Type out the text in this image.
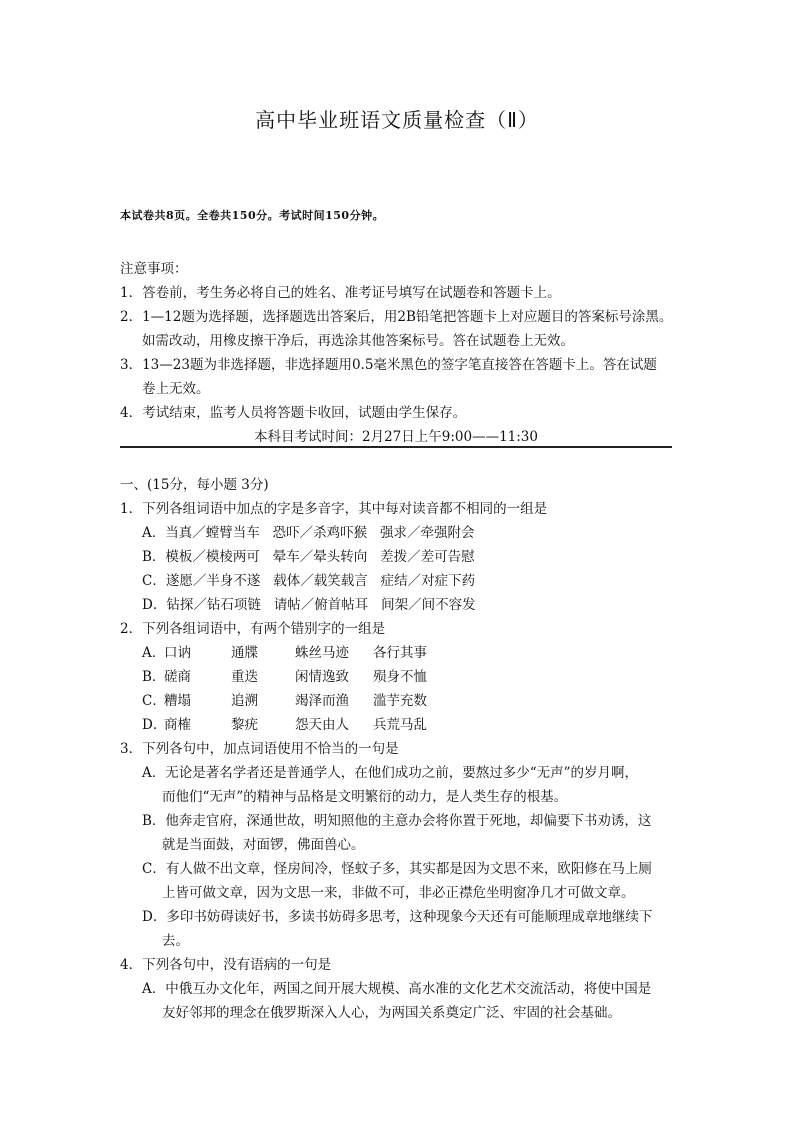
高中毕业班语文质量检查（Ⅱ）
本试卷共8页。全卷共150分。考试时间150分钟。
注意事项：
1．答卷前，考生务必将自己的姓名、准考证号填写在试题卷和答题卡上。
2．1—12题为选择题，选择题选出答案后，用2B铅笔把答题卡上对应题目的答案标号涂黑。
如需改动，用橡皮擦干净后，再选涂其他答案标号。答在试题卷上无效。
3．13—23题为非选择题，非选择题用0.5毫米黑色的签字笔直接答在答题卡上。答在试题
卷上无效。
4．考试结束，监考人员将答题卡收回，试题由学生保存。
本科目考试时间：2月27日上午9:00——11:30
一、(15分，每小题 3分)
1．下列各组词语中加点的字是多音字，其中每对读音都不相同的一组是
A．当真／螳臂当车   恐吓／杀鸡吓猴   强求／牵强附会
B．模板／模棱两可   晕车／晕头转向   差拨／差可告慰
C．遂愿／半身不遂   载体／载笑载言   症结／对症下药
D．钻探／钻石项链   请帖／俯首帖耳   间架／间不容发
2．下列各组词语中，有两个错别字的一组是
A．
口讷	通牒	蛛丝马迹	各行其事
B．
磋商	重迭	闲情逸致	殒身不恤
C．
糟塌	追溯	竭泽而渔	滥芋充数
D．
商榷	黎疣	怨天由人	兵荒马乱
3．下列各句中，加点词语使用不恰当的一句是
A．无论是著名学者还是普通学人，在他们成功之前，要熬过多少“无声”的岁月啊，
而他们“无声”的精神与品格是文明繁衍的动力，是人类生存的根基。
B．他奔走官府，深通世故，明知照他的主意办会将你置于死地，却偏要下书劝诱，这
就是当面鼓，对面锣，佛面兽心。
C．有人做不出文章，怪房间冷，怪蚊子多，其实都是因为文思不来，欧阳修在马上厕
上皆可做文章，因为文思一来，非做不可，非必正襟危坐明窗净几才可做文章。
D．多印书妨碍读好书，多读书妨碍多思考，这种现象今天还有可能顺理成章地继续下
去。
4．下列各句中，没有语病的一句是
A．中俄互办文化年，两国之间开展大规模、高水准的文化艺术交流活动，将使中国是
友好邻邦的理念在俄罗斯深入人心，为两国关系奠定广泛、牢固的社会基础。
